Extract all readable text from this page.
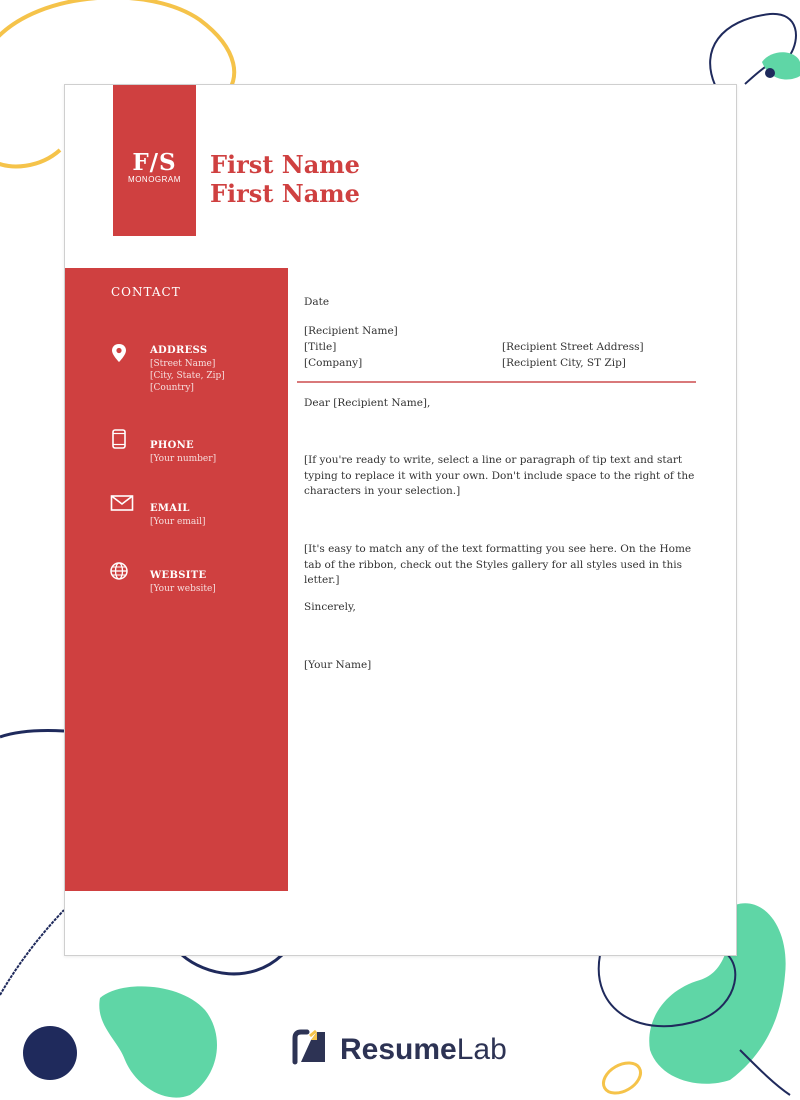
F/S
MONOGRAM
First Name
First Name
CONTACT
ADDRESS
[Street Name]
[City, State, Zip]
[Country]
PHONE
[Your number]
EMAIL
[Your email]
WEBSITE
[Your website]
Date
[Recipient Name]
[Title]
[Company]
[Recipient Street Address]
[Recipient City, ST Zip]
Dear [Recipient Name],
[If you're ready to write, select a line or paragraph of tip text and start typing to replace it with your own. Don't include space to the right of the characters in your selection.]
[It's easy to match any of the text formatting you see here. On the Home tab of the ribbon, check out the Styles gallery for all styles used in this letter.]
Sincerely,
[Your Name]
ResumeLab
